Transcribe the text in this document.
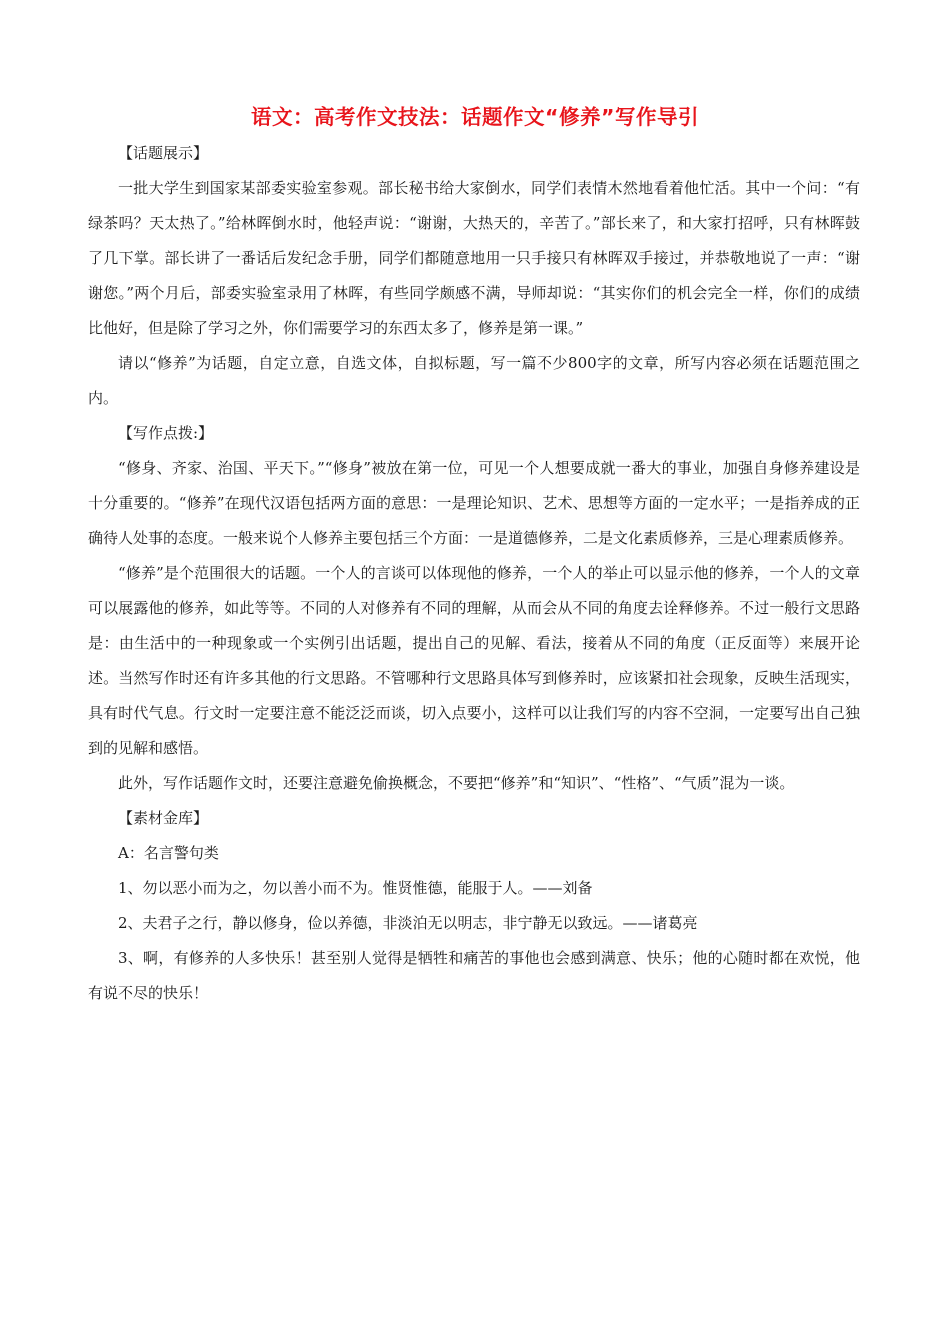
语文：高考作文技法：话题作文“修养”写作导引

【话题展示】

一批大学生到国家某部委实验室参观。部长秘书给大家倒水，同学们表情木然地看着他忙活。其中一个问：“有绿茶吗？天太热了。”给林晖倒水时，他轻声说：“谢谢，大热天的，辛苦了。”部长来了，和大家打招呼，只有林晖鼓了几下掌。部长讲了一番话后发纪念手册，同学们都随意地用一只手接只有林晖双手接过，并恭敬地说了一声：“谢谢您。”两个月后，部委实验室录用了林晖，有些同学颇感不满，导师却说：“其实你们的机会完全一样，你们的成绩比他好，但是除了学习之外，你们需要学习的东西太多了，修养是第一课。”

请以“修养”为话题，自定立意，自选文体，自拟标题，写一篇不少800字的文章，所写内容必须在话题范围之内。

【写作点拨:】

“修身、齐家、治国、平天下。”“修身”被放在第一位，可见一个人想要成就一番大的事业，加强自身修养建设是十分重要的。“修养”在现代汉语包括两方面的意思：一是理论知识、艺术、思想等方面的一定水平；一是指养成的正确待人处事的态度。一般来说个人修养主要包括三个方面：一是道德修养，二是文化素质修养，三是心理素质修养。

“修养”是个范围很大的话题。一个人的言谈可以体现他的修养，一个人的举止可以显示他的修养，一个人的文章可以展露他的修养，如此等等。不同的人对修养有不同的理解，从而会从不同的角度去诠释修养。不过一般行文思路是：由生活中的一种现象或一个实例引出话题，提出自己的见解、看法，接着从不同的角度（正反面等）来展开论述。当然写作时还有许多其他的行文思路。不管哪种行文思路具体写到修养时，应该紧扣社会现象，反映生活现实，具有时代气息。行文时一定要注意不能泛泛而谈，切入点要小，这样可以让我们写的内容不空洞，一定要写出自己独到的见解和感悟。

此外，写作话题作文时，还要注意避免偷换概念，不要把“修养”和“知识”、“性格”、“气质”混为一谈。

【素材金库】

A：名言警句类

1、勿以恶小而为之，勿以善小而不为。惟贤惟德，能服于人。——刘备

2、夫君子之行，静以修身，俭以养德，非淡泊无以明志，非宁静无以致远。——诸葛亮

3、啊，有修养的人多快乐！甚至别人觉得是牺牲和痛苦的事他也会感到满意、快乐；他的心随时都在欢悦，他有说不尽的快乐！
